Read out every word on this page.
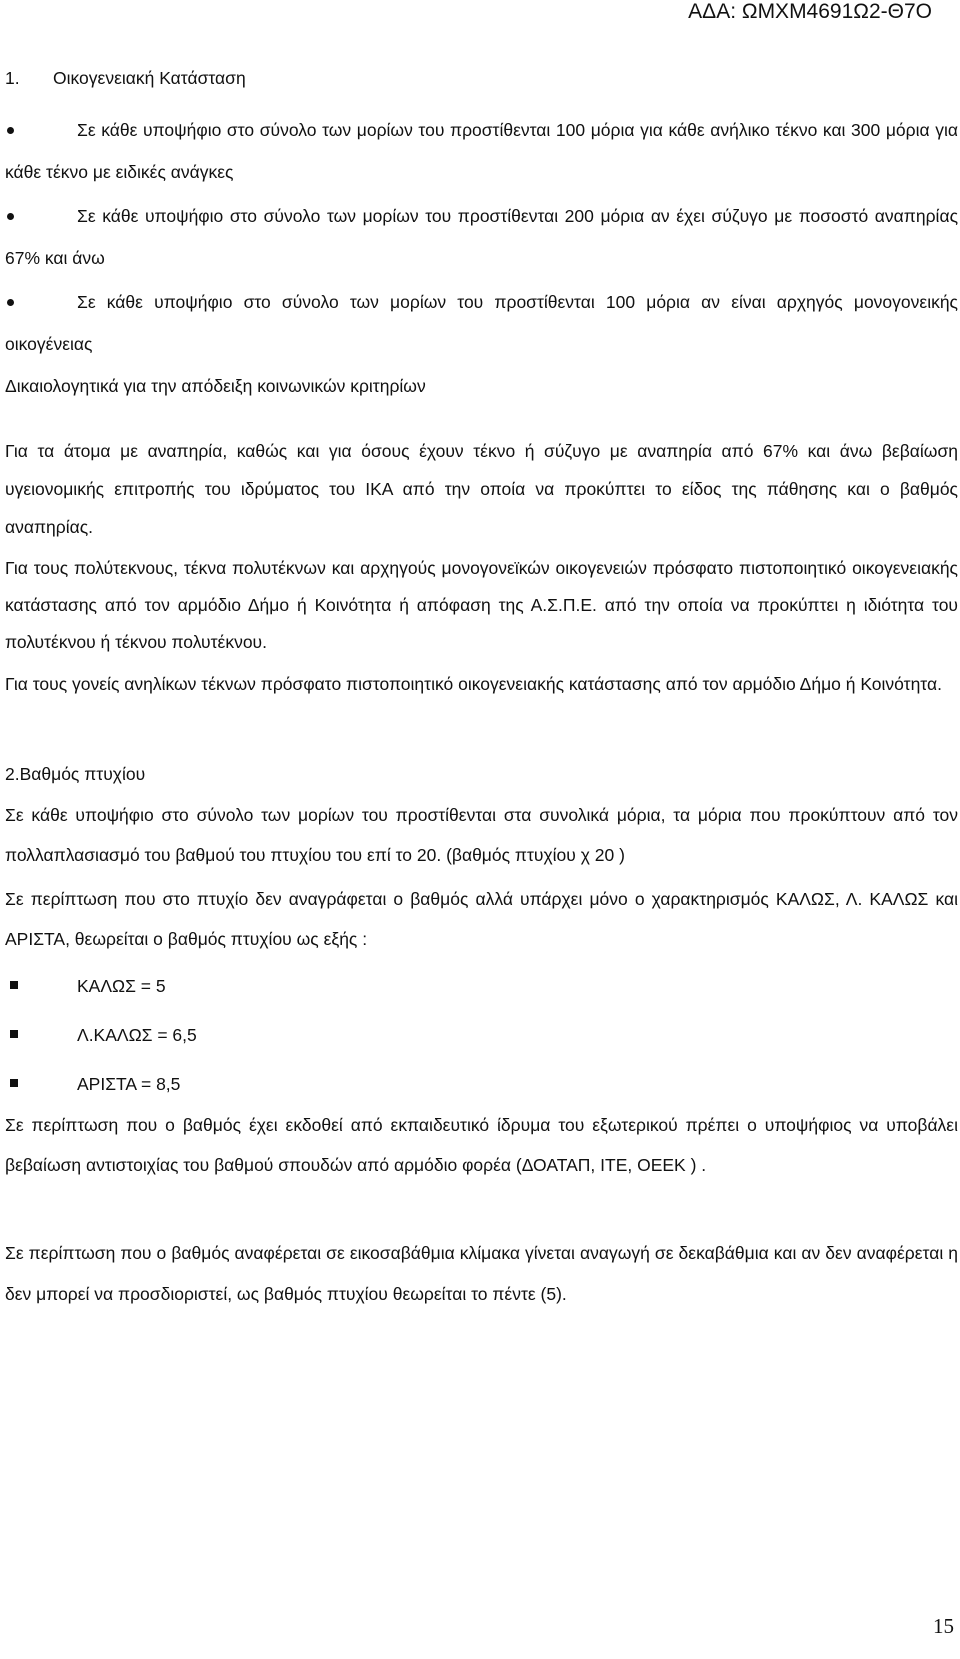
ΑΔΑ: ΩΜΧΜ4691Ω2-Θ7Ο
1. Οικογενειακή Κατάσταση

Σε κάθε υποψήφιο στο σύνολο των μορίων του προστίθενται 100 μόρια για κάθε ανήλικο τέκνο και 300 μόρια για κάθε τέκνο με ειδικές ανάγκες

Σε κάθε υποψήφιο στο σύνολο των μορίων του προστίθενται 200 μόρια αν έχει σύζυγο με ποσοστό αναπηρίας 67% και άνω

Σε κάθε υποψήφιο στο σύνολο των μορίων του προστίθενται 100 μόρια αν είναι αρχηγός μονογονεικής οικογένειας

Δικαιολογητικά για την απόδειξη κοινωνικών κριτηρίων

Για τα άτομα με αναπηρία, καθώς και για όσους έχουν τέκνο ή σύζυγο με αναπηρία από 67% και άνω βεβαίωση υγειονομικής επιτροπής του ιδρύματος του ΙΚΑ από την οποία να προκύπτει το είδος της πάθησης και ο βαθμός αναπηρίας.

Για τους πολύτεκνους, τέκνα πολυτέκνων και αρχηγούς μονογονεϊκών οικογενειών πρόσφατο πιστοποιητικό οικογενειακής κατάστασης από τον αρμόδιο Δήμο ή Κοινότητα ή απόφαση της Α.Σ.Π.Ε. από την οποία να προκύπτει η ιδιότητα του πολυτέκνου ή τέκνου πολυτέκνου.

Για τους γονείς ανηλίκων τέκνων πρόσφατο πιστοποιητικό οικογενειακής κατάστασης από τον αρμόδιο Δήμο ή Κοινότητα.

2.Βαθμός πτυχίου

Σε κάθε υποψήφιο στο σύνολο των μορίων του προστίθενται στα συνολικά μόρια, τα μόρια που προκύπτουν από τον πολλαπλασιασμό του βαθμού του πτυχίου του επί το 20. (βαθμός πτυχίου χ 20 )

Σε περίπτωση που στο πτυχίο δεν αναγράφεται ο βαθμός αλλά υπάρχει μόνο ο χαρακτηρισμός ΚΑΛΩΣ, Λ. ΚΑΛΩΣ και ΑΡΙΣΤΑ, θεωρείται ο βαθμός πτυχίου ως εξής :

ΚΑΛΩΣ = 5
Λ.ΚΑΛΩΣ = 6,5
ΑΡΙΣΤΑ = 8,5

Σε περίπτωση που ο βαθμός έχει εκδοθεί από εκπαιδευτικό ίδρυμα του εξωτερικού πρέπει ο υποψήφιος να υποβάλει βεβαίωση αντιστοιχίας του βαθμού σπουδών από αρμόδιο φορέα (ΔΟΑΤΑΠ, ΙΤΕ, ΟΕΕΚ ) .

Σε περίπτωση που ο βαθμός αναφέρεται σε εικοσαβάθμια κλίμακα γίνεται αναγωγή σε δεκαβάθμια και αν δεν αναφέρεται η δεν μπορεί να προσδιοριστεί, ως βαθμός πτυχίου θεωρείται το πέντε (5).

15
